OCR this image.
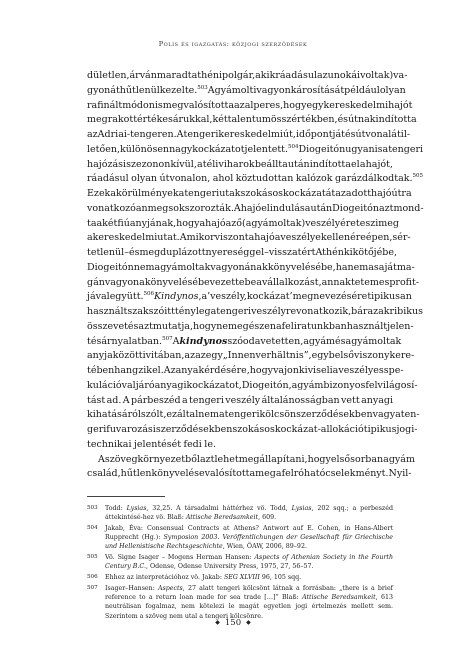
Polis és igazgatás: közjogi szerződések
dületlen, árván maradt athéni polgár, akik ráadásul az unokái voltak) va-
gyonát hűtlenül kezelte.$^{503}$ A gyámolti vagyon károsítását például olyan
rafinált módon is megvalósította az alperes, hogy egy kereskedelmi hajót
megrakott értékes árukkal, két talentum összértékben, és útnak indította
az Adriai-tengeren. A tengeri kereskedelmi út, időpontját és útvonalát il-
letően, különösen nagy kockázatot jelentett.$^{504}$ Diogeitón ugyanis a tengeri
hajózási szezonon kívül, a téli viharok beállta után indította el a hajót,
ráadásul olyan útvonalon, ahol köztudottan kalózok garázdálkodtak.$^{505}$
Ezek a körülmények a tengeri utak szokásos kockázatát az adott hajóútra
vonatkozóan megsokszorozták. A hajó elindulása után Diogeitón azt mond-
ta a két fiú anyjának, hogy a hajó az ő (a gyámoltak) veszélyére teszi meg
a kereskedelmi utat. Amikor viszont a hajó a veszélyek ellenére épen, sér-
tetlenül – és megduplázott nyereséggel – visszatért Athén kikötőjébe,
Diogeitón nem a gyámoltak vagyonának könyvelésébe, hanem a saját ma-
gánvagyona könyvelésébe vezette be a vállalkozást, annak tetemes profit-
jával együtt.$^{506}$ Kindynos, a ’veszély, kockázat’ megnevezésére tipikusan
használt szakszó itt tényleg a tengeri veszélyre vonatkozik, bár az akribikus
összevetés azt mutatja, hogy nem egészen a feliratunkban használt jelen-
tésárnyalatban.$^{507}$ A kindynos szó odavetetten, a gyám és a gyámoltak
anyja közötti vitában, azaz egy „Innenverhältnis”, egy belső viszony kere-
tében hangzik el. Az anya kérdésére, hogy vajon ki viseli a veszélyes spe-
kulációval járó anyagi kockázatot, Diogeitón, a gyám bizonyos felvilágosí-
tást ad. A párbeszéd a tengeri veszély általánosságban vett anyagi
kihatásáról szólt, ezáltal nem a tengeri kölcsönszerződésekben vagy a ten-
geri fuvarozási szerződésekben szokásos kockázat-allokáció tipikus jogi-
technikai jelentését fedi le.
A szövegkörnyezetből azt lehet megállapítani, hogy elsősorban a gyám
család, hűtlen könyvelése valósította meg a felróható cselekményt. Nyil-
503 Todd: Lysias, 32,25. A társadalmi háttérhez vö. Todd, Lysias, 202 sqq.; a perbeszéd áttekintésé-hez vö. Blaß: Attische Beredsamkeit, 609.
504 Jakab, Éva: Consensual Contracts at Athens? Antwort auf E. Cohen, in Hans-Albert Rupprecht (Hg.): Symposion 2003. Veröffentlichungen der Gesellschaft für Griechische und Hellenistische Rechtsgeschichte, Wien, ÖAW, 2006, 89–92.
505 Vö. Signe Isager – Mogens Herman Hansen: Aspects of Athenian Society in the Fourth Century B.C., Odense, Odense University Press, 1975, 27, 56–57.
506 Ehhez az interpretációhoz vö. Jakab: SEG XLVIII 96, 105 sqq.
507 Isager–Hansen: Aspects, 27 alatt tengeri kölcsönt látnak a forrásban: „there is a brief reference to a return loan made for sea trade […]” Blaß: Attische Beredsamkeit, 613 neutrálisan fogalmaz, nem kötelezi le magát egyetlen jogi értelmezés mellett sem. Szerintem a szöveg nem utal a tengeri kölcsönre.
◆ 150 ◆
